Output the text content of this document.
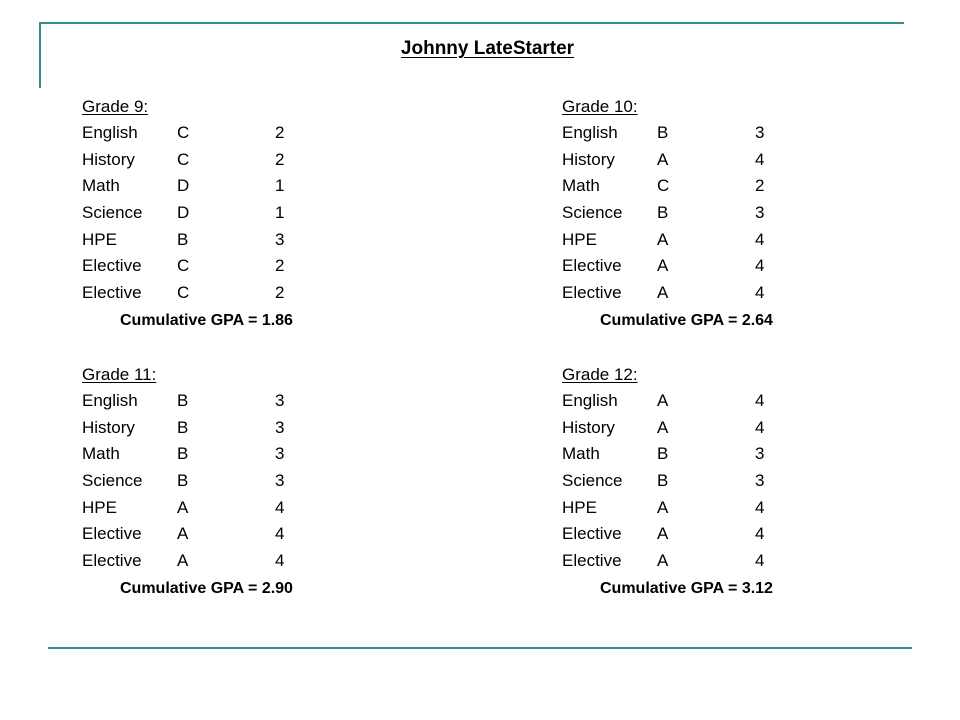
Johnny LateStarter
Grade 9:
English C	2
History C	2
Math	D	1
Science D	1
HPE	B	3
Elective C	2
Elective C	2
Cumulative GPA = 1.86
Grade 10:
English B	3
History A	4
Math	C	2
Science B	3
HPE	A	4
Elective A	4
Elective A	4
Cumulative GPA = 2.64
Grade 11:
English B	3
History B	3
Math	B	3
Science B	3
HPE	A	4
Elective A	4
Elective A	4
Cumulative GPA = 2.90
Grade 12:
English A	4
History A	4
Math	B	3
Science B	3
HPE	A	4
Elective A	4
Elective A	4
Cumulative GPA = 3.12
